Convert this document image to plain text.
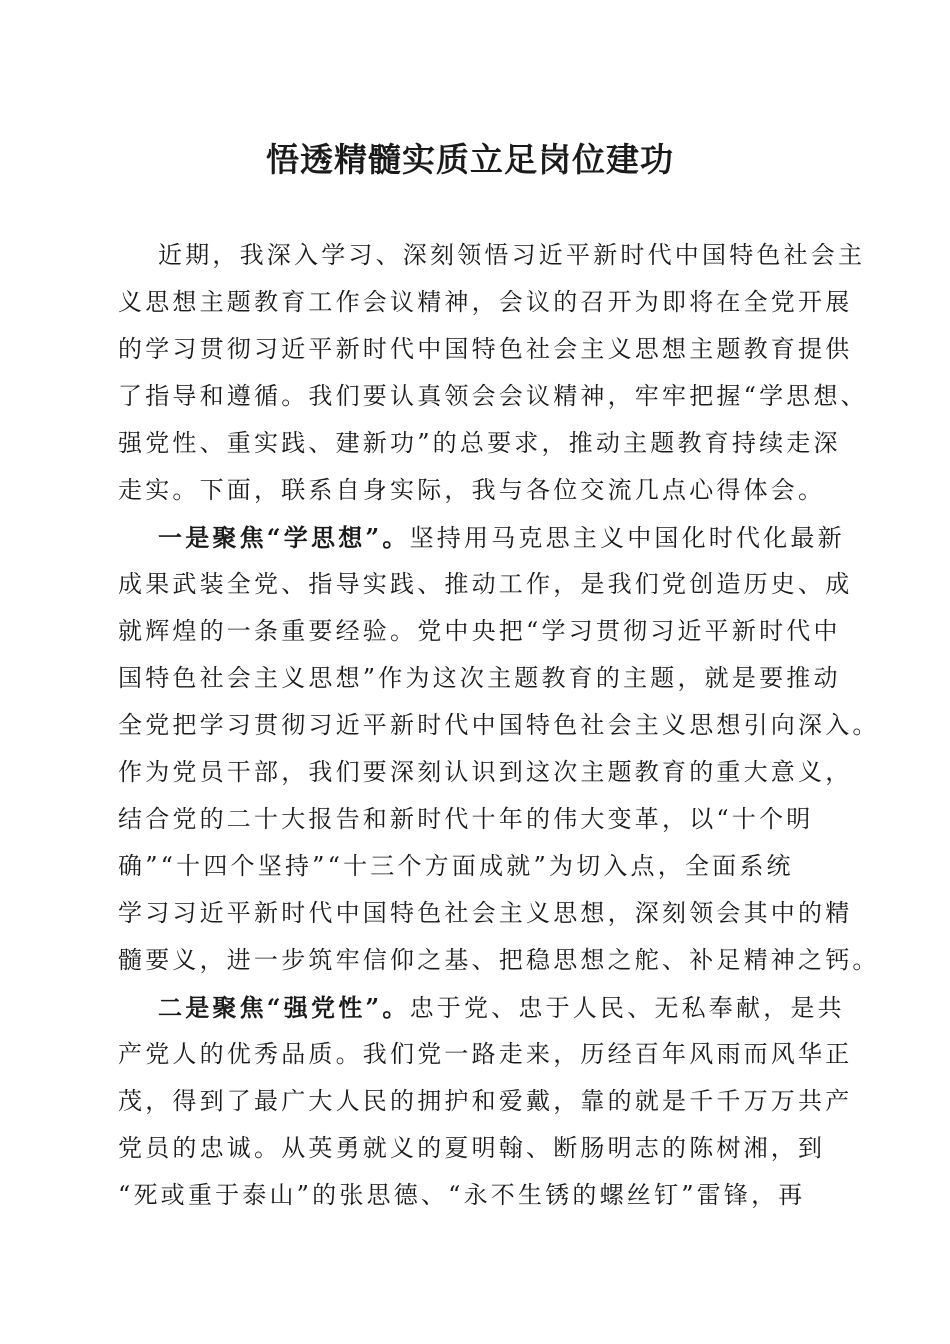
悟透精髓实质立足岗位建功
近期，我深入学习、深刻领悟习近平新时代中国特色社会主
义思想主题教育工作会议精神，会议的召开为即将在全党开展
的学习贯彻习近平新时代中国特色社会主义思想主题教育提供
了指导和遵循。我们要认真领会会议精神，牢牢把握“学思想、
强党性、重实践、建新功”的总要求，推动主题教育持续走深
走实。下面，联系自身实际，我与各位交流几点心得体会。
一是聚焦“学思想”。坚持用马克思主义中国化时代化最新
成果武装全党、指导实践、推动工作，是我们党创造历史、成
就辉煌的一条重要经验。党中央把“学习贯彻习近平新时代中
国特色社会主义思想”作为这次主题教育的主题，就是要推动
全党把学习贯彻习近平新时代中国特色社会主义思想引向深入。
作为党员干部，我们要深刻认识到这次主题教育的重大意义，
结合党的二十大报告和新时代十年的伟大变革，以“十个明
确”“十四个坚持”“十三个方面成就”为切入点，全面系统
学习习近平新时代中国特色社会主义思想，深刻领会其中的精
髓要义，进一步筑牢信仰之基、把稳思想之舵、补足精神之钙。
二是聚焦“强党性”。忠于党、忠于人民、无私奉献，是共
产党人的优秀品质。我们党一路走来，历经百年风雨而风华正
茂，得到了最广大人民的拥护和爱戴，靠的就是千千万万共产
党员的忠诚。从英勇就义的夏明翰、断肠明志的陈树湘，到
“死或重于泰山”的张思德、“永不生锈的螺丝钉”雷锋，再
